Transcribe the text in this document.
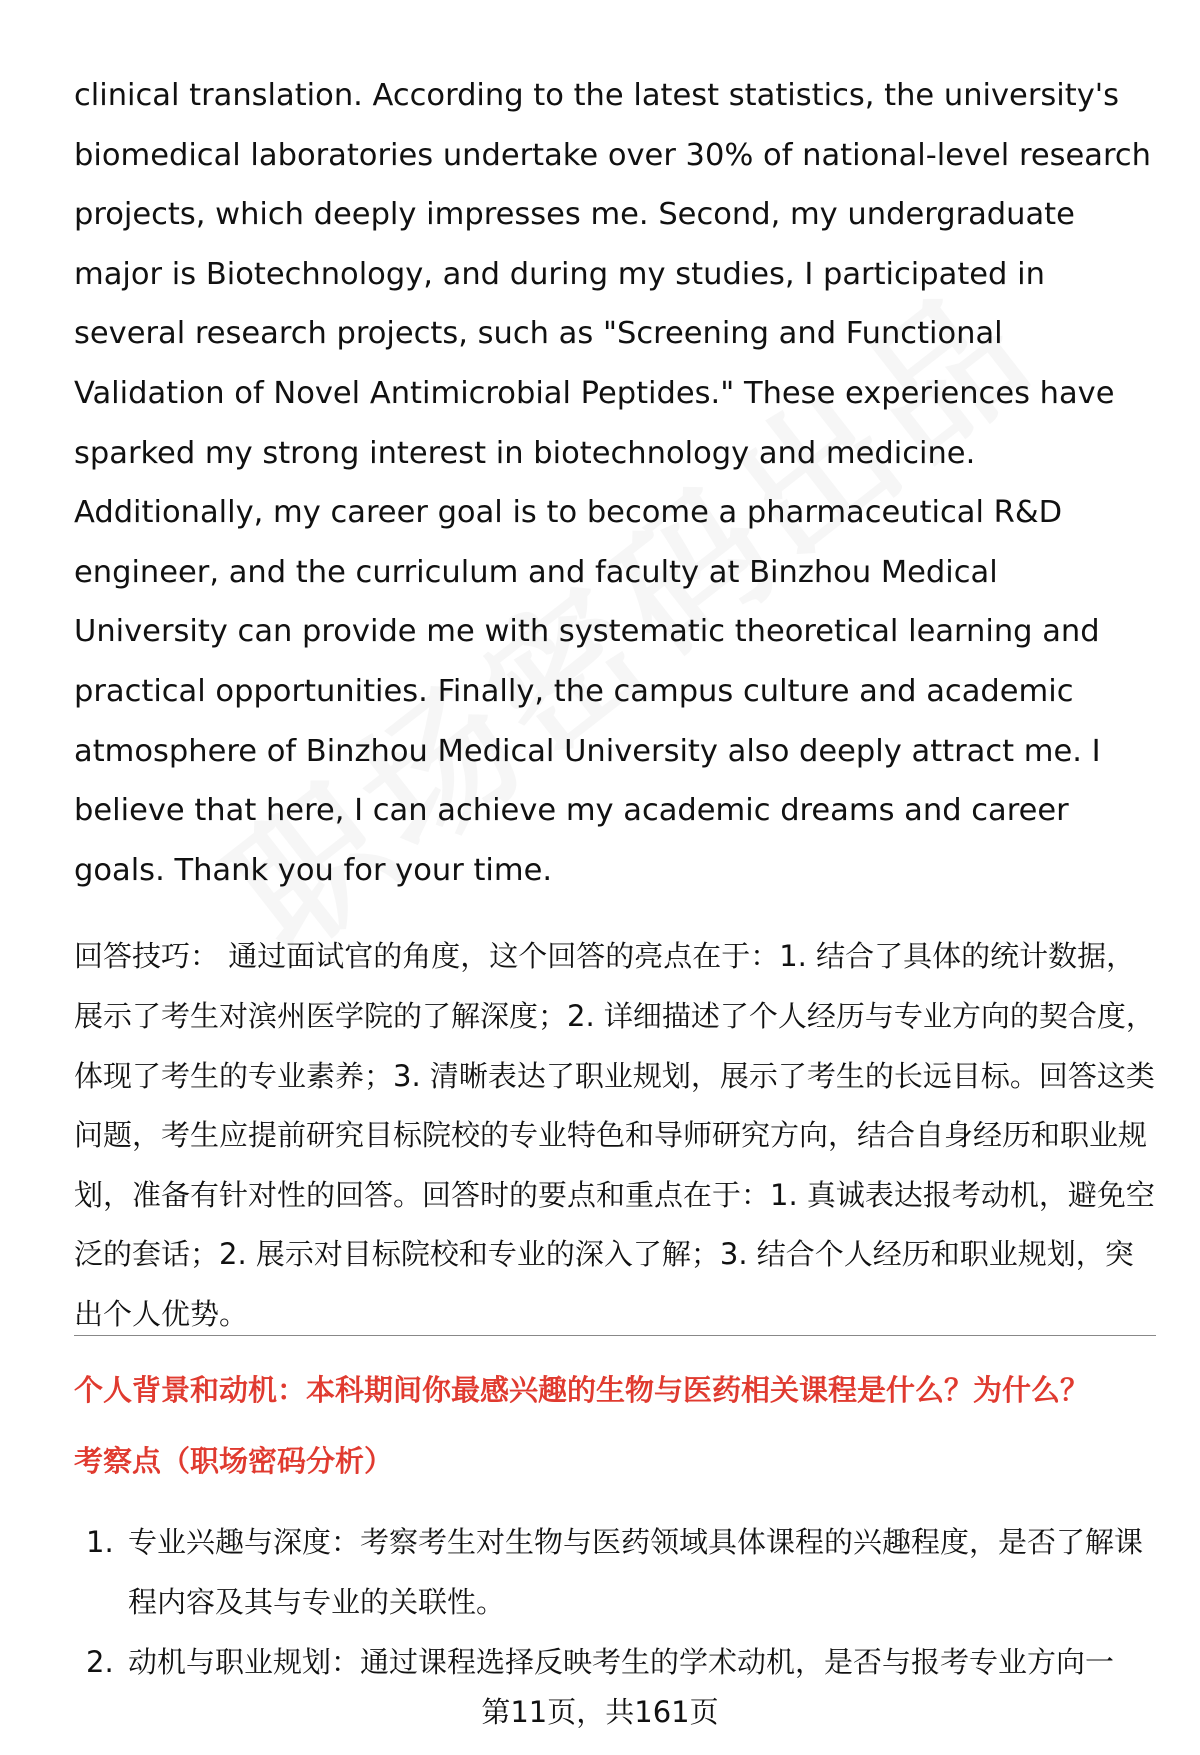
clinical translation. According to the latest statistics, the university's biomedical laboratories undertake over 30% of national-level research projects, which deeply impresses me. Second, my undergraduate major is Biotechnology, and during my studies, I participated in several research projects, such as "Screening and Functional Validation of Novel Antimicrobial Peptides." These experiences have sparked my strong interest in biotechnology and medicine. Additionally, my career goal is to become a pharmaceutical R&D engineer, and the curriculum and faculty at Binzhou Medical University can provide me with systematic theoretical learning and practical opportunities. Finally, the campus culture and academic atmosphere of Binzhou Medical University also deeply attract me. I believe that here, I can achieve my academic dreams and career goals. Thank you for your time.

回答技巧： 通过面试官的角度，这个回答的亮点在于：1. 结合了具体的统计数据，展示了考生对滨州医学院的了解深度；2. 详细描述了个人经历与专业方向的契合度，体现了考生的专业素养；3. 清晰表达了职业规划，展示了考生的长远目标。回答这类问题，考生应提前研究目标院校的专业特色和导师研究方向，结合自身经历和职业规划，准备有针对性的回答。回答时的要点和重点在于：1. 真诚表达报考动机，避免空泛的套话；2. 展示对目标院校和专业的深入了解；3. 结合个人经历和职业规划，突出个人优势。

个人背景和动机：本科期间你最感兴趣的生物与医药相关课程是什么？为什么？
考察点（职场密码分析）
1. 专业兴趣与深度：考察考生对生物与医药领域具体课程的兴趣程度，是否了解课程内容及其与专业的关联性。
2. 动机与职业规划：通过课程选择反映考生的学术动机，是否与报考专业方向一
第11页，共161页
